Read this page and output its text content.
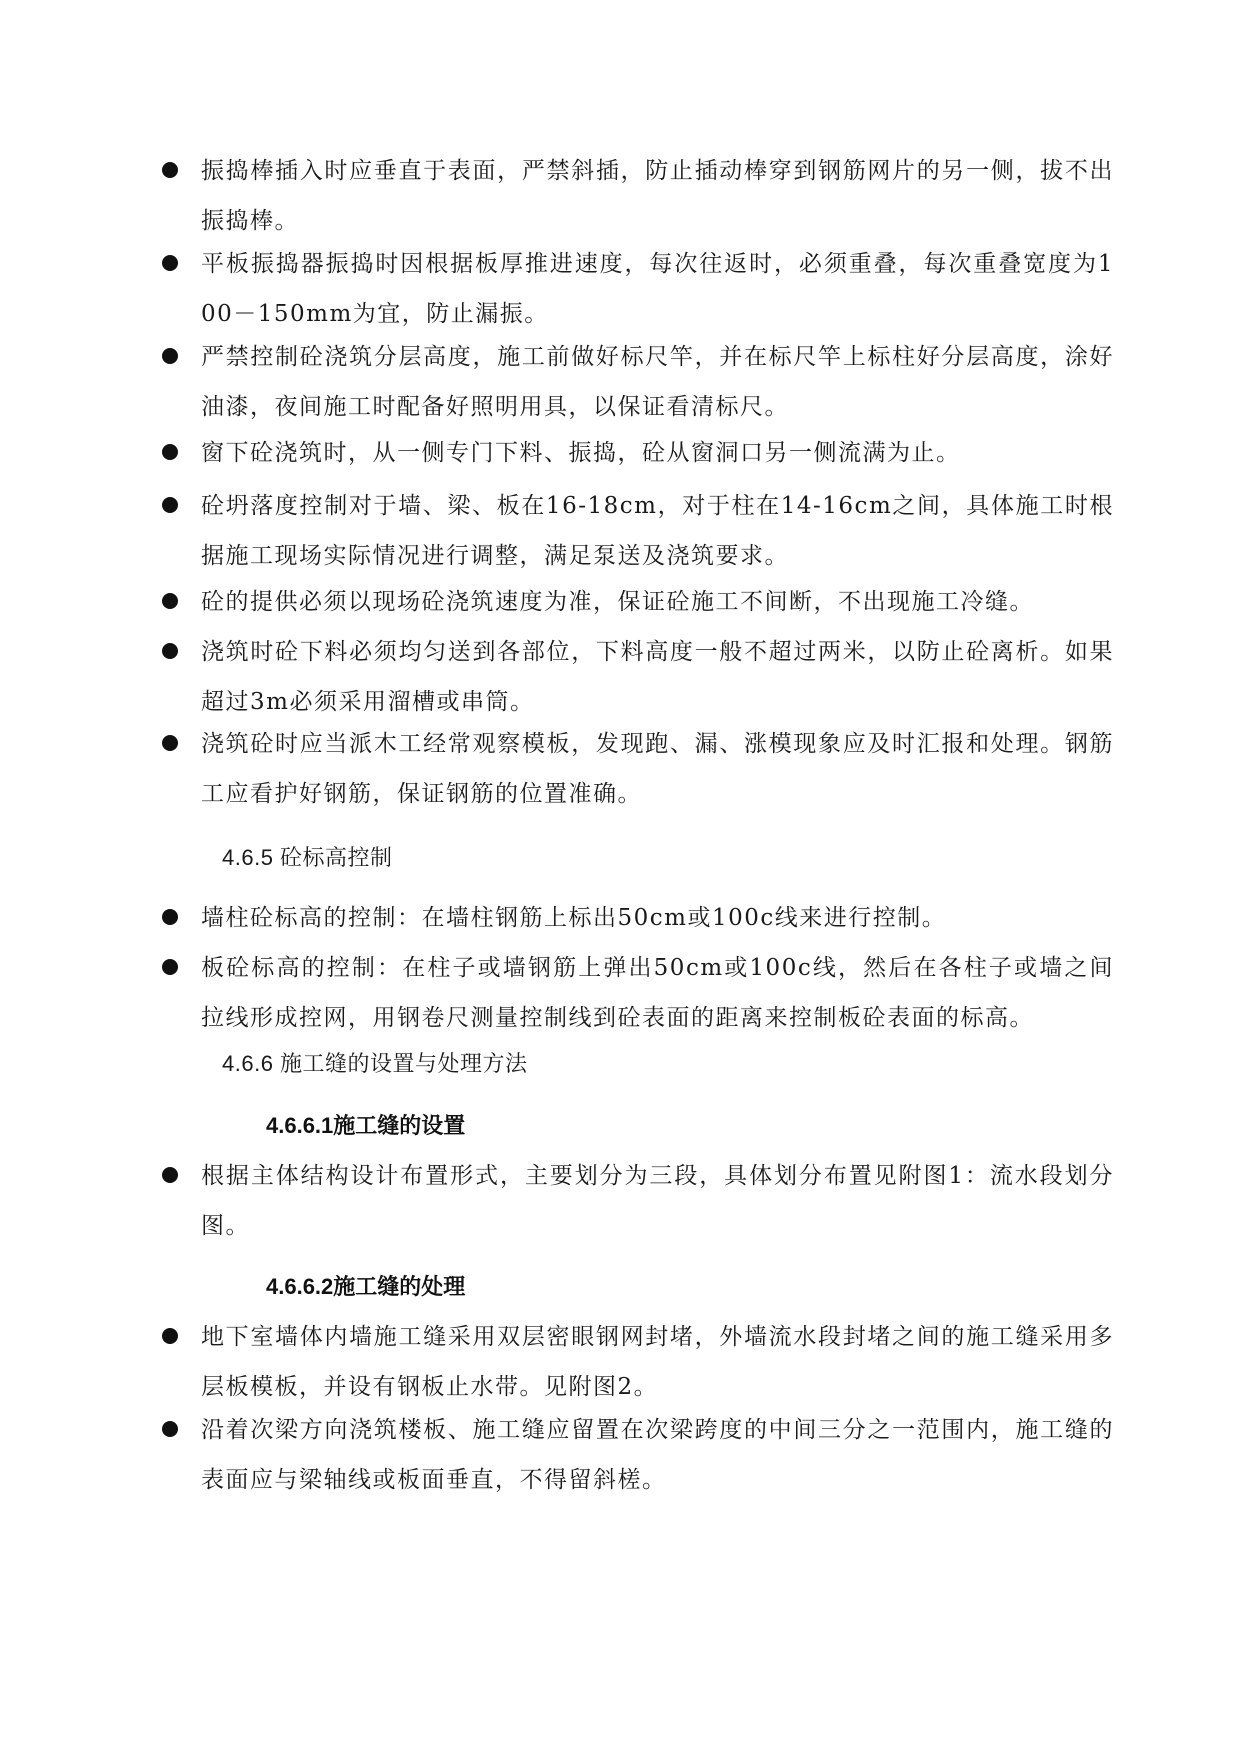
振捣棒插入时应垂直于表面，严禁斜插，防止插动棒穿到钢筋网片的另一侧，拔不出振捣棒。
平板振捣器振捣时因根据板厚推进速度，每次往返时，必须重叠，每次重叠宽度为100－150mm为宜，防止漏振。
严禁控制砼浇筑分层高度，施工前做好标尺竿，并在标尺竿上标柱好分层高度，涂好油漆，夜间施工时配备好照明用具，以保证看清标尺。
窗下砼浇筑时，从一侧专门下料、振捣，砼从窗洞口另一侧流满为止。
砼坍落度控制对于墙、梁、板在16-18cm，对于柱在14-16cm之间，具体施工时根据施工现场实际情况进行调整，满足泵送及浇筑要求。
砼的提供必须以现场砼浇筑速度为准，保证砼施工不间断，不出现施工冷缝。
浇筑时砼下料必须均匀送到各部位，下料高度一般不超过两米，以防止砼离析。如果超过3m必须采用溜槽或串筒。
浇筑砼时应当派木工经常观察模板，发现跑、漏、涨模现象应及时汇报和处理。钢筋工应看护好钢筋，保证钢筋的位置准确。
4.6.5 砼标高控制
墙柱砼标高的控制：在墙柱钢筋上标出50cm或100c线来进行控制。
板砼标高的控制：在柱子或墙钢筋上弹出50cm或100c线，然后在各柱子或墙之间拉线形成控网，用钢卷尺测量控制线到砼表面的距离来控制板砼表面的标高。
4.6.6 施工缝的设置与处理方法
4.6.6.1施工缝的设置
根据主体结构设计布置形式，主要划分为三段，具体划分布置见附图1：流水段划分图。
4.6.6.2施工缝的处理
地下室墙体内墙施工缝采用双层密眼钢网封堵，外墙流水段封堵之间的施工缝采用多层板模板，并设有钢板止水带。见附图2。
沿着次梁方向浇筑楼板、施工缝应留置在次梁跨度的中间三分之一范围内，施工缝的表面应与梁轴线或板面垂直，不得留斜槎。
